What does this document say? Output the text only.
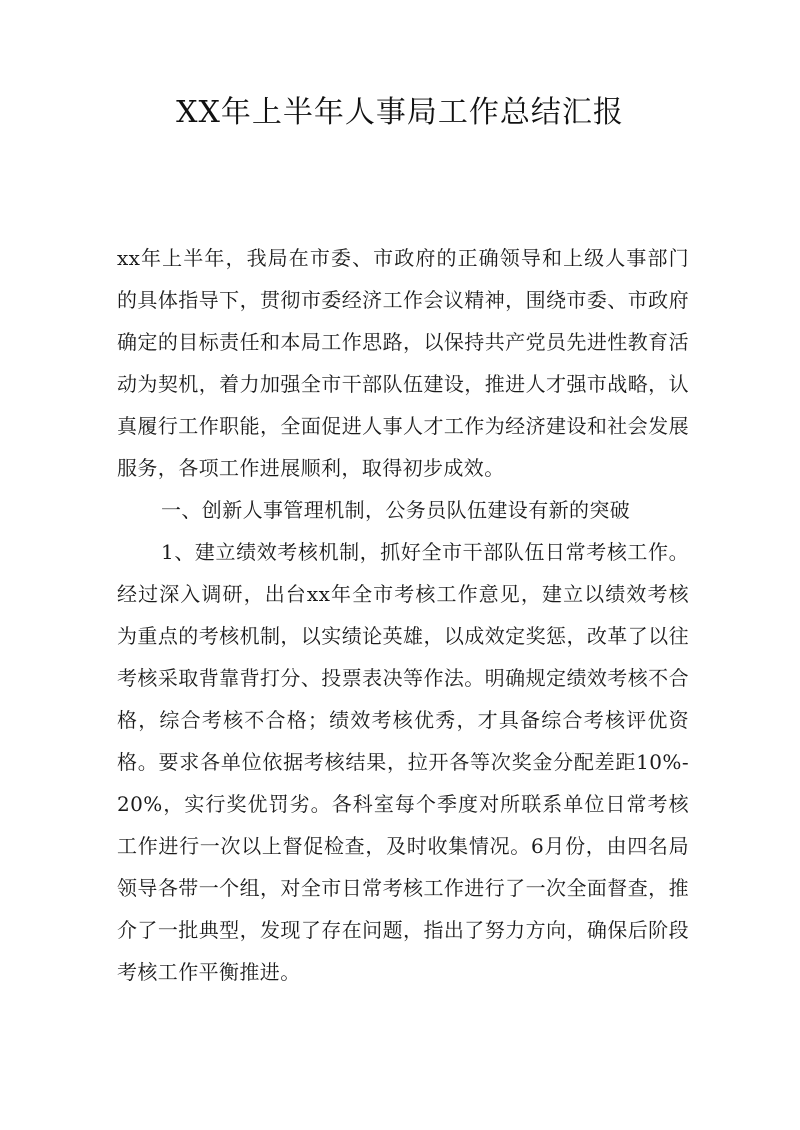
XX年上半年人事局工作总结汇报

xx年上半年，我局在市委、市政府的正确领导和上级人事部门的具体指导下，贯彻市委经济工作会议精神，围绕市委、市政府确定的目标责任和本局工作思路，以保持共产党员先进性教育活动为契机，着力加强全市干部队伍建设，推进人才强市战略，认真履行工作职能，全面促进人事人才工作为经济建设和社会发展服务，各项工作进展顺利，取得初步成效。

一、创新人事管理机制，公务员队伍建设有新的突破

1、建立绩效考核机制，抓好全市干部队伍日常考核工作。经过深入调研，出台xx年全市考核工作意见，建立以绩效考核为重点的考核机制，以实绩论英雄，以成效定奖惩，改革了以往考核采取背靠背打分、投票表决等作法。明确规定绩效考核不合格，综合考核不合格；绩效考核优秀，才具备综合考核评优资格。要求各单位依据考核结果，拉开各等次奖金分配差距10%-20%，实行奖优罚劣。各科室每个季度对所联系单位日常考核工作进行一次以上督促检查，及时收集情况。6月份，由四名局领导各带一个组，对全市日常考核工作进行了一次全面督查，推介了一批典型，发现了存在问题，指出了努力方向，确保后阶段考核工作平衡推进。
